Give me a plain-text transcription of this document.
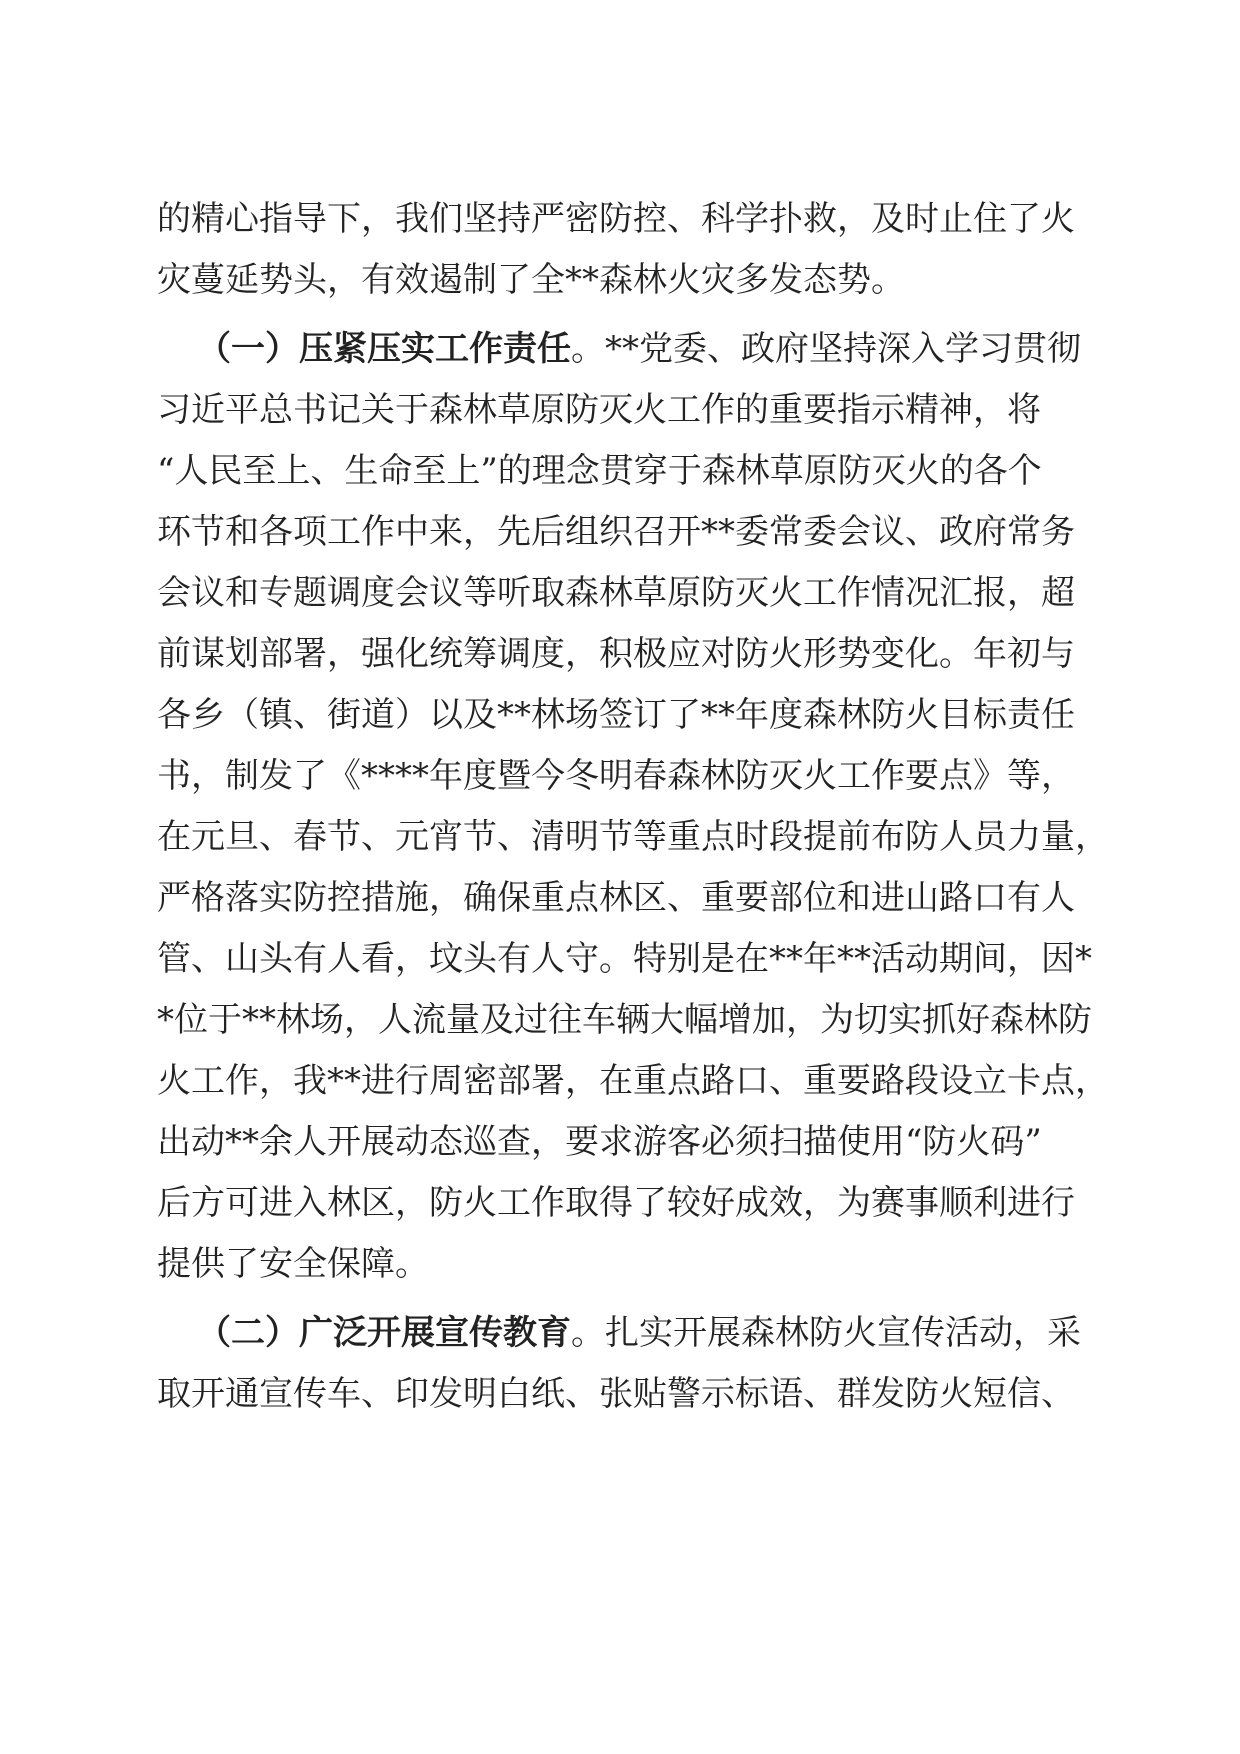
的精心指导下，我们坚持严密防控、科学扑救，及时止住了火
灾蔓延势头，有效遏制了全**森林火灾多发态势。
（一）压紧压实工作责任。**党委、政府坚持深入学习贯彻
习近平总书记关于森林草原防灭火工作的重要指示精神，将
“人民至上、生命至上”的理念贯穿于森林草原防灭火的各个
环节和各项工作中来，先后组织召开**委常委会议、政府常务
会议和专题调度会议等听取森林草原防灭火工作情况汇报，超
前谋划部署，强化统筹调度，积极应对防火形势变化。年初与
各乡（镇、街道）以及**林场签订了**年度森林防火目标责任
书，制发了《****年度暨今冬明春森林防灭火工作要点》等，
在元旦、春节、元宵节、清明节等重点时段提前布防人员力量，
严格落实防控措施，确保重点林区、重要部位和进山路口有人
管、山头有人看，坟头有人守。特别是在**年**活动期间，因*
*位于**林场，人流量及过往车辆大幅增加，为切实抓好森林防
火工作，我**进行周密部署，在重点路口、重要路段设立卡点，
出动**余人开展动态巡查，要求游客必须扫描使用“防火码”
后方可进入林区，防火工作取得了较好成效，为赛事顺利进行
提供了安全保障。
（二）广泛开展宣传教育。扎实开展森林防火宣传活动，采
取开通宣传车、印发明白纸、张贴警示标语、群发防火短信、
